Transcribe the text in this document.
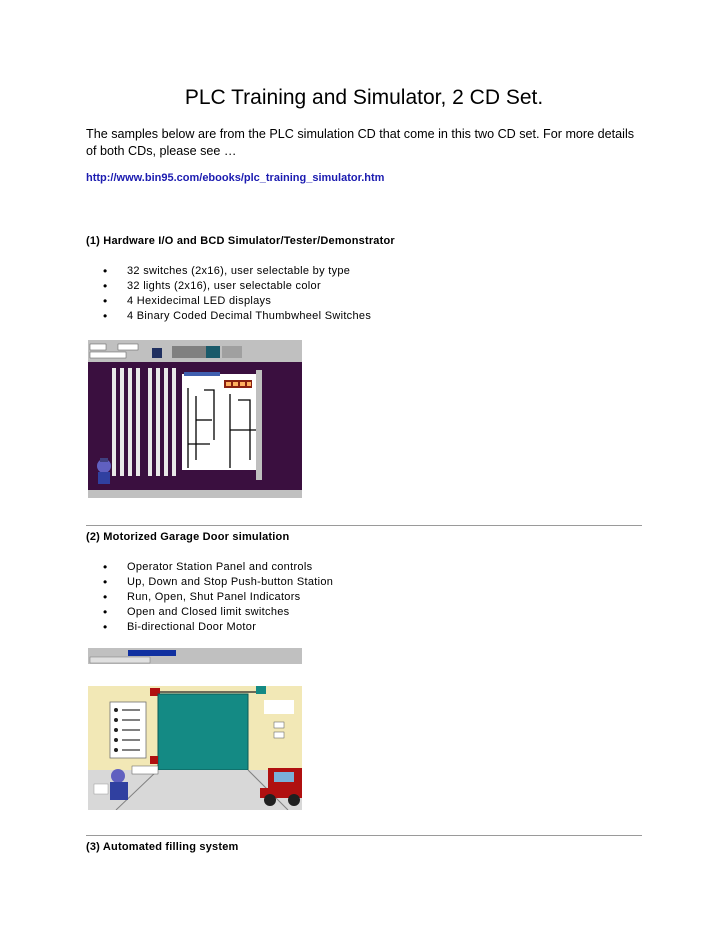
PLC Training and Simulator, 2 CD Set.
The samples below are from the PLC simulation CD that come in this two CD set. For more details of both CDs, please see …
http://www.bin95.com/ebooks/plc_training_simulator.htm
(1) Hardware I/O and BCD Simulator/Tester/Demonstrator
• 32 switches (2x16), user selectable by type
• 32 lights (2x16), user selectable color
• 4 Hexidecimal LED displays
• 4 Binary Coded Decimal Thumbwheel Switches
(2) Motorized Garage Door simulation
• Operator Station Panel and controls
• Up, Down and Stop Push-button Station
• Run, Open, Shut Panel Indicators
• Open and Closed limit switches
• Bi-directional Door Motor
(3) Automated filling system
